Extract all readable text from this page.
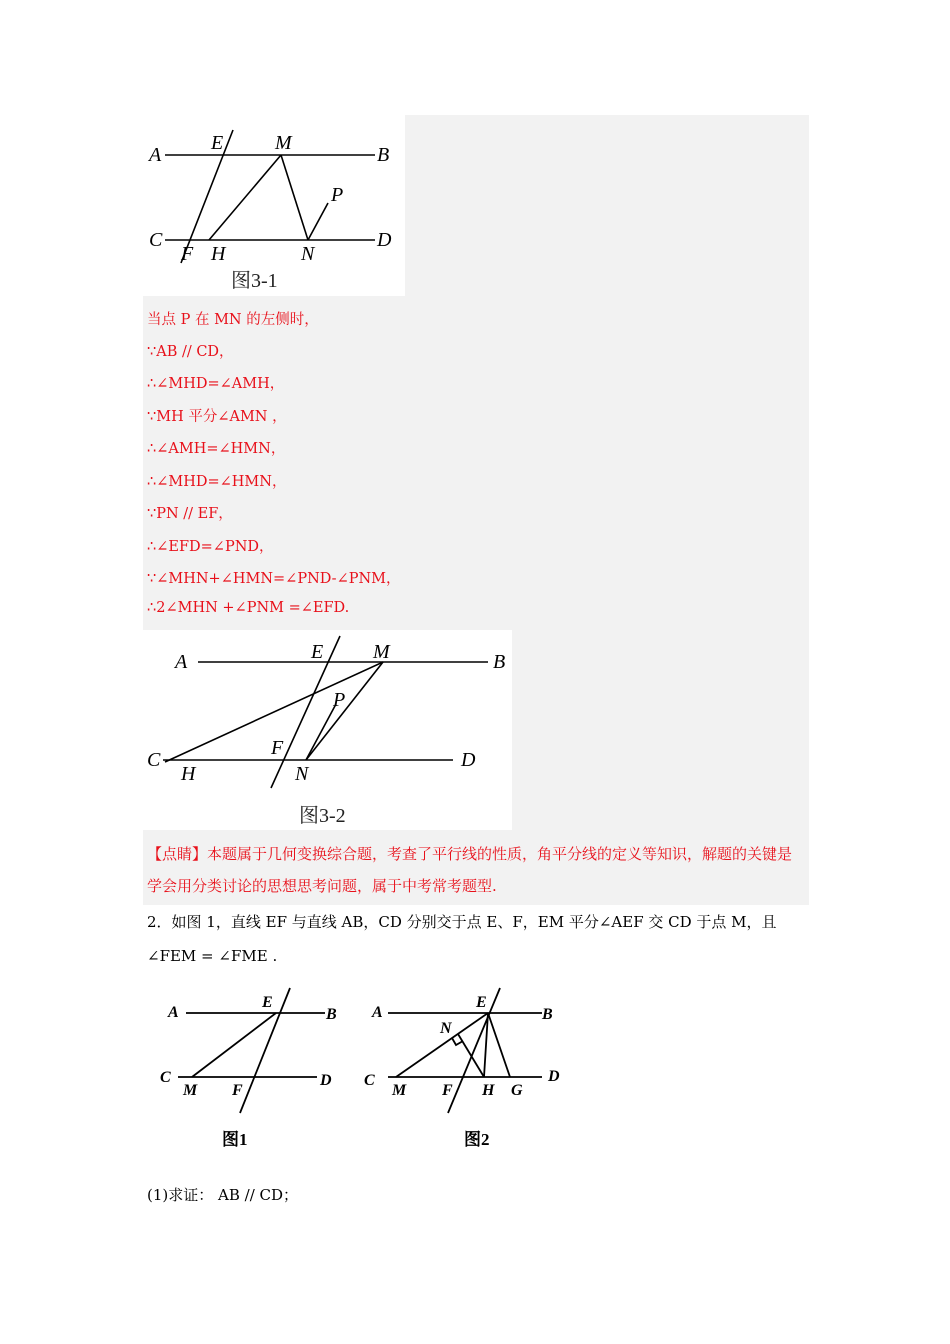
A
E	M
B
P
C
F H	N
D
图3-1
当点 P 在 MN 的左侧时，
∵AB // CD，
∴∠MHD=∠AMH，
∵MH 平分∠AMN ，
∴∠AMH=∠HMN，
∴∠MHD=∠HMN，
∵PN // EF，
∴∠EFD=∠PND，
∵∠MHN+∠HMN=∠PND-∠PNM，
∴2∠MHN +∠PNM =∠EFD.
A	E M	B
P
C
F
H	N
D
图3-2
【点睛】本题属于几何变换综合题，考查了平行线的性质，角平分线的定义等知识，解题的关键是学会用分类讨论的思想思考问题，属于中考常考题型.
2．如图 1，直线 EF 与直线 AB，CD 分别交于点 E、F，EM 平分∠AEF 交 CD 于点 M，且
∠FEM = ∠FME .
A
E
B
C
M F
D
图1
A
E
B
N
C
M F H G
D
图2
(1)求证： AB // CD；
